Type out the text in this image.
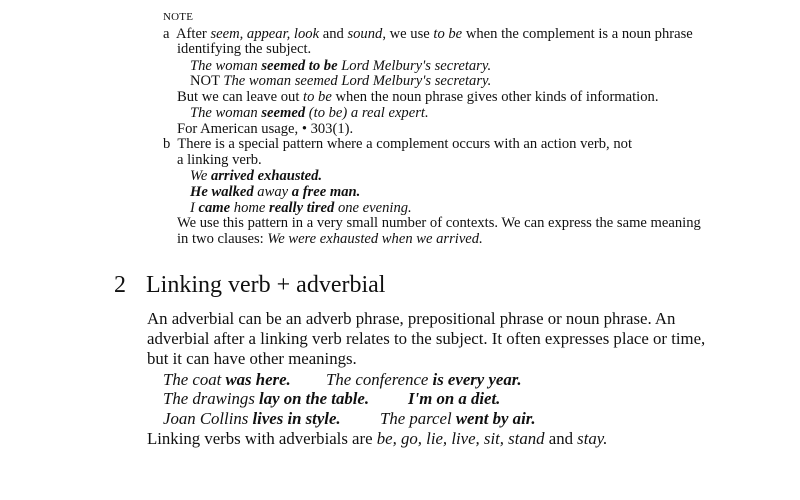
NOTE
a After seem, appear, look and sound, we use to be when the complement is a noun phrase
identifying the subject.
The woman seemed to be Lord Melbury's secretary.
NOT The woman seemed Lord Melbury's secretary.
But we can leave out to be when the noun phrase gives other kinds of information.
The woman seemed (to be) a real expert.
For American usage, • 303(1).
b There is a special pattern where a complement occurs with an action verb, not
a linking verb.
We arrived exhausted.
He walked away a free man.
I came home really tired one evening.
We use this pattern in a very small number of contexts. We can express the same meaning
in two clauses: We were exhausted when we arrived.
2 Linking verb + adverbial
An adverbial can be an adverb phrase, prepositional phrase or noun phrase. An
adverbial after a linking verb relates to the subject. It often expresses place or time,
but it can have other meanings.
The coat was here. The conference is every year.
The drawings lay on the table. I'm on a diet.
Joan Collins lives in style. The parcel went by air.
Linking verbs with adverbials are be, go, lie, live, sit, stand and stay.
